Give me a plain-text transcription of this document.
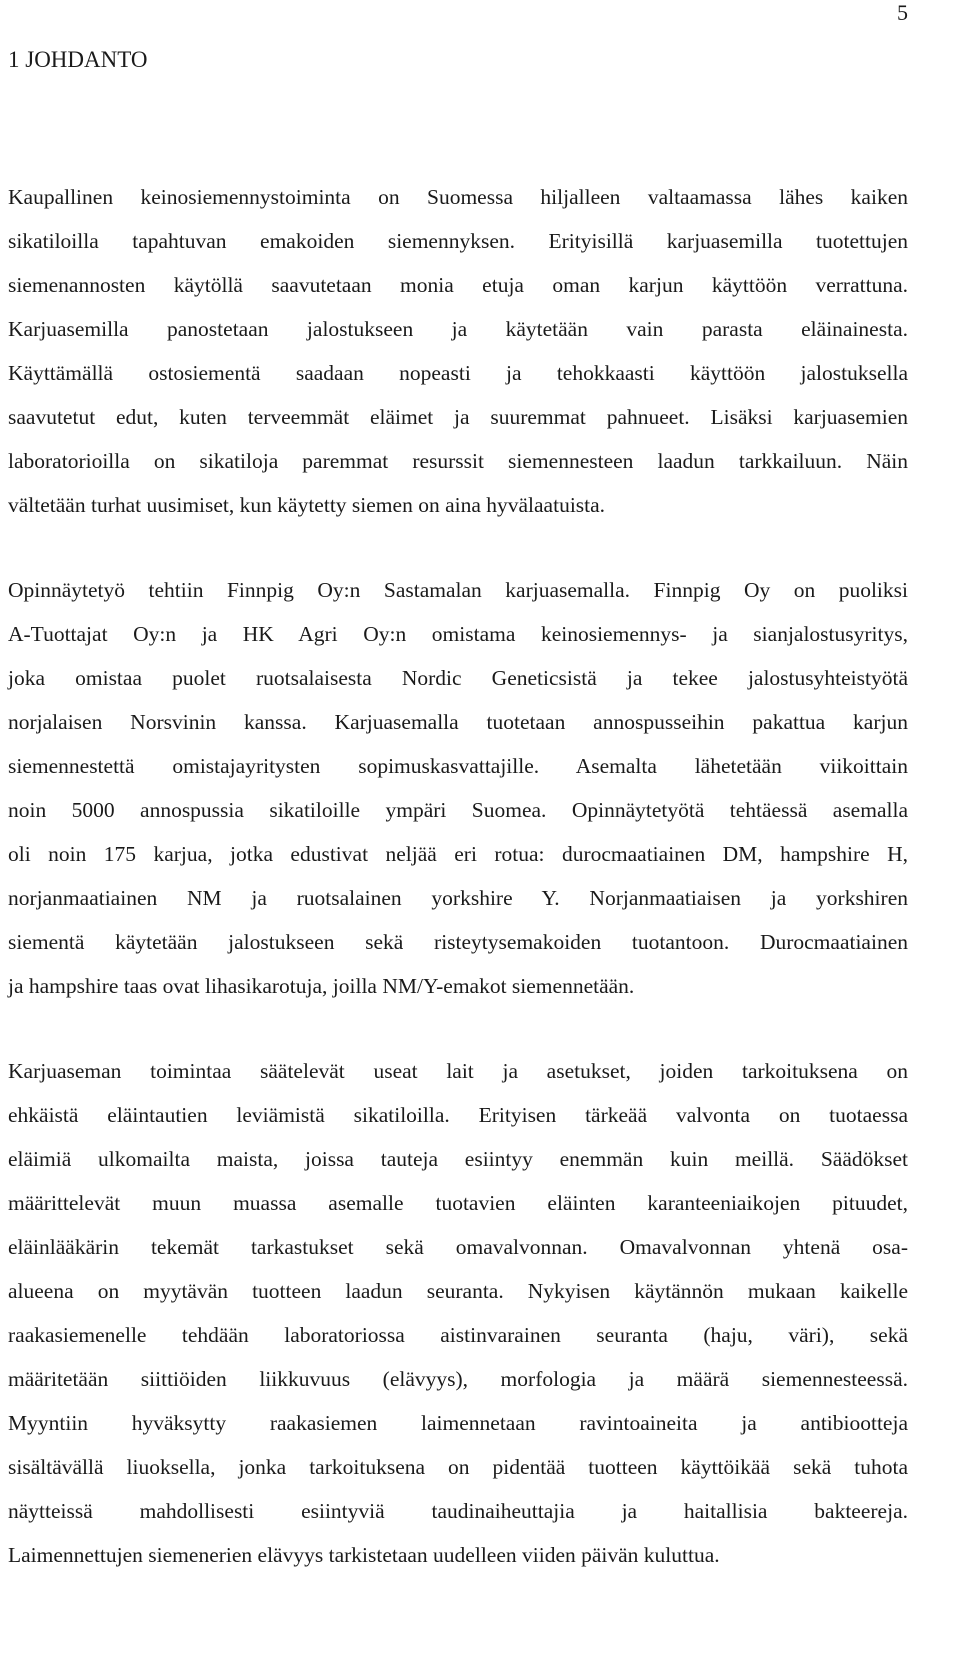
5
1 JOHDANTO
Kaupallinen keinosiemennystoiminta on Suomessa hiljalleen valtaamassa lähes kaiken
sikatiloilla tapahtuvan emakoiden siemennyksen. Erityisillä karjuasemilla tuotettujen
siemenannosten käytöllä saavutetaan monia etuja oman karjun käyttöön verrattuna.
Karjuasemilla panostetaan jalostukseen ja käytetään vain parasta eläinainesta.
Käyttämällä ostosiementä saadaan nopeasti ja tehokkaasti käyttöön jalostuksella
saavutetut edut, kuten terveemmät eläimet ja suuremmat pahnueet. Lisäksi karjuasemien
laboratorioilla on sikatiloja paremmat resurssit siemennesteen laadun tarkkailuun. Näin
vältetään turhat uusimiset, kun käytetty siemen on aina hyvälaatuista.
Opinnäytetyö tehtiin Finnpig Oy:n Sastamalan karjuasemalla. Finnpig Oy on puoliksi
A-Tuottajat Oy:n ja HK Agri Oy:n omistama keinosiemennys- ja sianjalostusyritys,
joka omistaa puolet ruotsalaisesta Nordic Geneticsistä ja tekee jalostusyhteistyötä
norjalaisen Norsvinin kanssa. Karjuasemalla tuotetaan annospusseihin pakattua karjun
siemennestettä omistajayritysten sopimuskasvattajille. Asemalta lähetetään viikoittain
noin 5000 annospussia sikatiloille ympäri Suomea. Opinnäytetyötä tehtäessä asemalla
oli noin 175 karjua, jotka edustivat neljää eri rotua: durocmaatiainen DM, hampshire H,
norjanmaatiainen NM ja ruotsalainen yorkshire Y. Norjanmaatiaisen ja yorkshiren
siementä käytetään jalostukseen sekä risteytysemakoiden tuotantoon. Durocmaatiainen
ja hampshire taas ovat lihasikarotuja, joilla NM/Y-emakot siemennetään.
Karjuaseman toimintaa säätelevät useat lait ja asetukset, joiden tarkoituksena on
ehkäistä eläintautien leviämistä sikatiloilla. Erityisen tärkeää valvonta on tuotaessa
eläimiä ulkomailta maista, joissa tauteja esiintyy enemmän kuin meillä. Säädökset
määrittelevät muun muassa asemalle tuotavien eläinten karanteeniaikojen pituudet,
eläinlääkärin tekemät tarkastukset sekä omavalvonnan. Omavalvonnan yhtenä osa-
alueena on myytävän tuotteen laadun seuranta. Nykyisen käytännön mukaan kaikelle
raakasiemenelle tehdään laboratoriossa aistinvarainen seuranta (haju, väri), sekä
määritetään siittiöiden liikkuvuus (elävyys), morfologia ja määrä siemennesteessä.
Myyntiin hyväksytty raakasiemen laimennetaan ravintoaineita ja antibiootteja
sisältävällä liuoksella, jonka tarkoituksena on pidentää tuotteen käyttöikää sekä tuhota
näytteissä mahdollisesti esiintyviä taudinaiheuttajia ja haitallisia bakteereja.
Laimennettujen siemenerien elävyys tarkistetaan uudelleen viiden päivän kuluttua.
